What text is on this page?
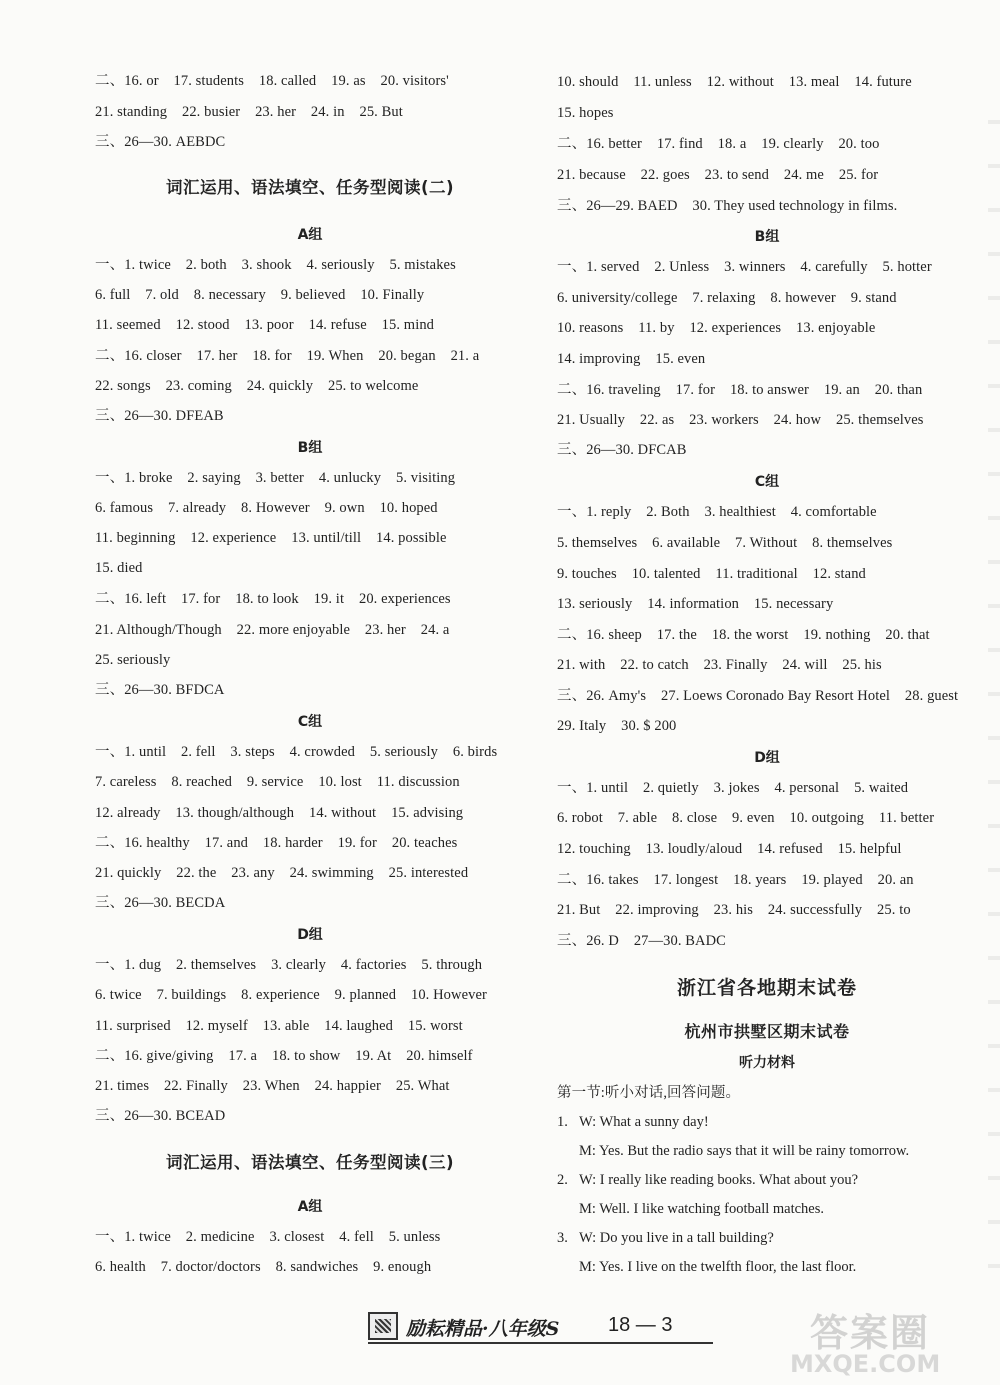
二、16. or    17. students    18. called    19. as    20. visitors'
21. standing    22. busier    23. her    24. in    25. But
三、26—30. AEBDC
词汇运用、语法填空、任务型阅读(二)
A组
一、1. twice    2. both    3. shook    4. seriously    5. mistakes
6. full    7. old    8. necessary    9. believed    10. Finally
11. seemed    12. stood    13. poor    14. refuse    15. mind
二、16. closer    17. her    18. for    19. When    20. began    21. a
22. songs    23. coming    24. quickly    25. to welcome
三、26—30. DFEAB
B组
一、1. broke    2. saying    3. better    4. unlucky    5. visiting
6. famous    7. already    8. However    9. own    10. hoped
11. beginning    12. experience    13. until/till    14. possible
15. died
二、16. left    17. for    18. to look    19. it    20. experiences
21. Although/Though    22. more enjoyable    23. her    24. a
25. seriously
三、26—30. BFDCA
C组
一、1. until    2. fell    3. steps    4. crowded    5. seriously    6. birds
7. careless    8. reached    9. service    10. lost    11. discussion
12. already    13. though/although    14. without    15. advising
二、16. healthy    17. and    18. harder    19. for    20. teaches
21. quickly    22. the    23. any    24. swimming    25. interested
三、26—30. BECDA
D组
一、1. dug    2. themselves    3. clearly    4. factories    5. through
6. twice    7. buildings    8. experience    9. planned    10. However
11. surprised    12. myself    13. able    14. laughed    15. worst
二、16. give/giving    17. a    18. to show    19. At    20. himself
21. times    22. Finally    23. When    24. happier    25. What
三、26—30. BCEAD
词汇运用、语法填空、任务型阅读(三)
A组
一、1. twice    2. medicine    3. closest    4. fell    5. unless
6. health    7. doctor/doctors    8. sandwiches    9. enough
10. should    11. unless    12. without    13. meal    14. future
15. hopes
二、16. better    17. find    18. a    19. clearly    20. too
21. because    22. goes    23. to send    24. me    25. for
三、26—29. BAED    30. They used technology in films.
B组
一、1. served    2. Unless    3. winners    4. carefully    5. hotter
6. university/college    7. relaxing    8. however    9. stand
10. reasons    11. by    12. experiences    13. enjoyable
14. improving    15. even
二、16. traveling    17. for    18. to answer    19. an    20. than
21. Usually    22. as    23. workers    24. how    25. themselves
三、26—30. DFCAB
C组
一、1. reply    2. Both    3. healthiest    4. comfortable
5. themselves    6. available    7. Without    8. themselves
9. touches    10. talented    11. traditional    12. stand
13. seriously    14. information    15. necessary
二、16. sheep    17. the    18. the worst    19. nothing    20. that
21. with    22. to catch    23. Finally    24. will    25. his
三、26. Amy's    27. Loews Coronado Bay Resort Hotel    28. guest
29. Italy    30. $ 200
D组
一、1. until    2. quietly    3. jokes    4. personal    5. waited
6. robot    7. able    8. close    9. even    10. outgoing    11. better
12. touching    13. loudly/aloud    14. refused    15. helpful
二、16. takes    17. longest    18. years    19. played    20. an
21. But    22. improving    23. his    24. successfully    25. to
三、26. D    27—30. BADC
浙江省各地期末试卷
杭州市拱墅区期末试卷
听力材料
第一节:听小对话,回答问题。
1. W: What a sunny day!
M: Yes. But the radio says that it will be rainy tomorrow.
2. W: I really like reading books. What about you?
M: Well. I like watching football matches.
3. W: Do you live in a tall building?
M: Yes. I live on the twelfth floor, the last floor.
励耘精品·八年级S 18 — 3	答案圈
MXQE.COM
